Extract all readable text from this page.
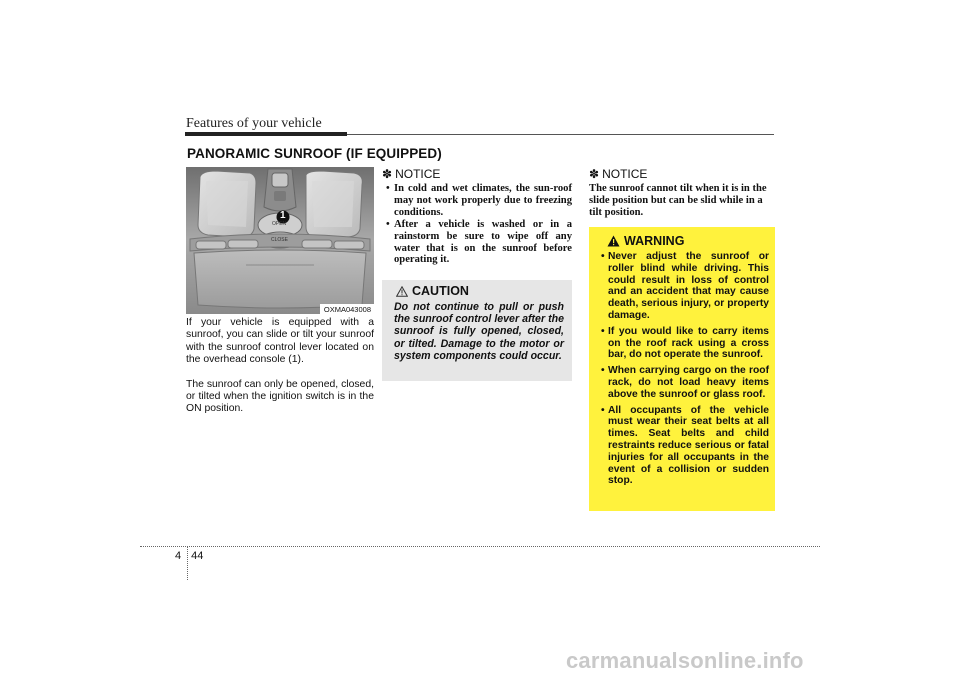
Features of your vehicle
PANORAMIC SUNROOF (IF EQUIPPED)
1
OPEN
CLOSE
OXMA043008

If your vehicle is equipped with a sunroof, you can slide or tilt your sunroof with the sunroof control lever located on the overhead console (1).

The sunroof can only be opened, closed, or tilted when the ignition switch is in the ON position.

✽ NOTICE
• In cold and wet climates, the sun-roof may not work properly due to freezing conditions.
• After a vehicle is washed or in a rainstorm be sure to wipe off any water that is on the sunroof before operating it.
CAUTION
Do not continue to pull or push the sunroof control lever after the sunroof is fully opened, closed, or tilted. Damage to the motor or system components could occur.
✽ NOTICE
The sunroof cannot tilt when it is in the slide position but can be slid while in a tilt position.
WARNING
• Never adjust the sunroof or roller blind while driving. This could result in loss of control and an accident that may cause death, serious injury, or property damage.
• If you would like to carry items on the roof rack using a cross bar, do not operate the sunroof.
• When carrying cargo on the roof rack, do not load heavy items above the sunroof or glass roof.
• All occupants of the vehicle must wear their seat belts at all times. Seat belts and child restraints reduce serious or fatal injuries for all occupants in the event of a collision or sudden stop.
4 44
carmanualsonline.info
